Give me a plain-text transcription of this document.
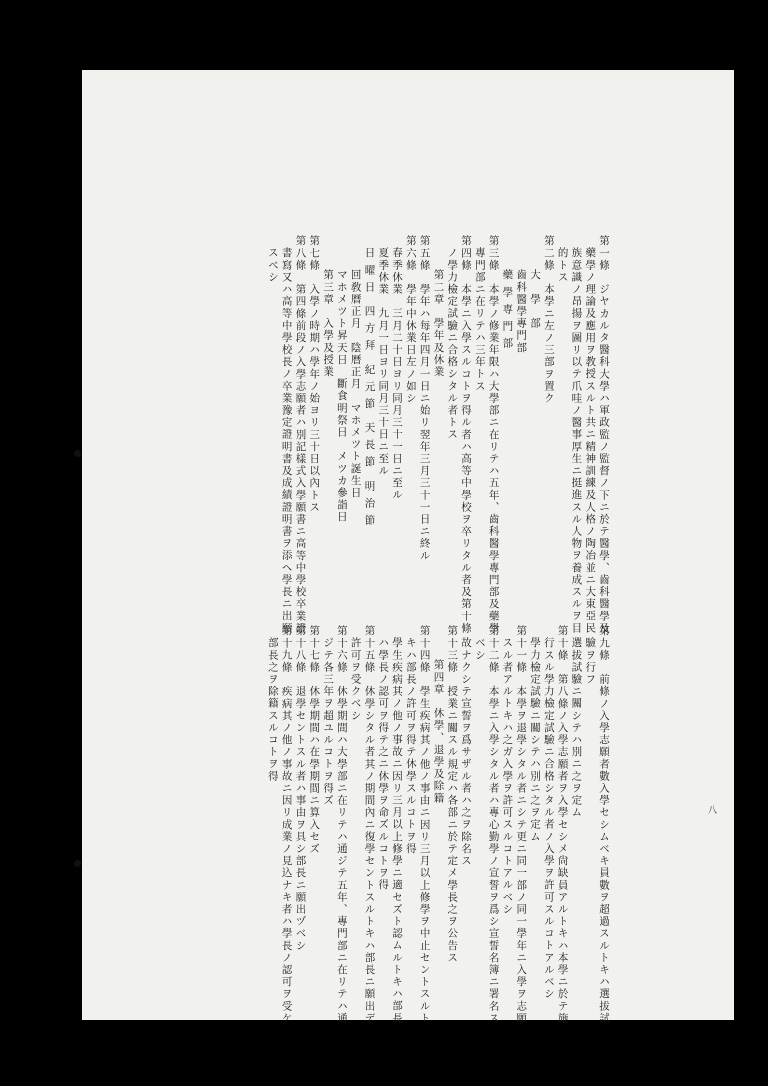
八
第一條　ジヤカルタ醫科大學ハ軍政監ノ監督ノ下ニ於テ醫學、齒科醫學及
藥學ノ理論及應用ヲ教授スルト共ニ精神訓練及人格ノ陶冶並ニ大東亞民
族意識ノ昂揚ヲ圖リ以テ爪哇ノ醫事厚生ニ挺進スル人物ヲ養成スルヲ目
的トス
第二條　本學ニ左ノ三部ヲ置ク
大　學　部
齒科醫學專門部
藥 學 専 門 部
第三條　本學ノ修業年限ハ大學部ニ在リテハ五年、齒科醫學專門部及藥學
專門部ニ在リテハ三年トス
第四條　本學ニ入學スルコトヲ得ル者ハ高等中學校ヲ卒リタル者及第十條
ノ學力檢定試驗ニ合格シタル者トス
第二章　學年及休業
第五條　學年ハ每年四月一日ニ始リ翌年三月三十一日ニ終ル
第六條　學年中休業日左ノ如シ
春季休業　三月二十日ヨリ同月三十一日ニ至ル
夏季休業　九月一日ヨリ同月三十日ニ至ル
日 曜 日　四 方 拜　紀 元 節　天 長 節　明 治 節
回敎曆正月　陰曆正月　マホメツト誕生日
マホメツト昇天日　斷食明祭日　メツカ參詣日
第三章　入學及授業
第七條　入學ノ時期ハ學年ノ始ヨリ三十日以內トス
第八條　第四條前段ノ入學志願者ハ別記樣式入學願書ニ高等中學校卒業證
書寫又ハ高等中學校長ノ卒業豫定證明書及成績證明書ヲ添へ學長ニ出願
スベシ
第九條　前條ノ入學志願者數入學セシムベキ員數ヲ超過スルトキハ選拔試
驗ヲ行フ
選拔試驗ニ關シテハ別ニ之ヲ定ム
第十條　第八條ノ入學志願者ヲ入學セシメ尙缺員アルトキハ本學ニ於テ施
行スル學力檢定試驗ニ合格シタル者ノ入學ヲ許可スルコトアルベシ
學力檢定試驗ニ關シテハ別ニ之ヲ定ム
第十一條　本學ヲ退學シタル者ニシテ更ニ同一部ノ同一學年ニ入學ヲ志願
スル者アルトキハ之ガ入學ヲ許可スルコトアルベシ
第十二條　本學ニ入學シタル者ハ專心勤學ノ宣誓ヲ爲シ宣誓名簿ニ署名ス
ベシ
故ナクシテ宣誓ヲ爲サザル者ハ之ヲ除名ス
第十三條　授業ニ關スル規定ハ各部ニ於テ定メ學長之ヲ公告ス
第四章　休學、退學及除籍
第十四條　學生疾病其ノ他ノ事由ニ因リ三月以上修學ヲ中止セントスルト
キハ部長ノ許可ヲ得テ休學スルコトヲ得
學生疾病其ノ他ノ事故ニ因リ三月以上修學ニ適セズト認ムルトキハ部長
ハ學長ノ認可ヲ得テ之ニ休學ヲ命ズルコトヲ得
第十五條　休學シタル者其ノ期間內ニ復學セントスルトキハ部長ニ願出デ
許可ヲ受クベシ
第十六條　休學期間ハ大學部ニ在リテハ通ジテ五年、專門部ニ在リテハ通
ジテ各三年ヲ超ユルコトヲ得ズ
第十七條　休學期間ハ在學期間ニ算入セズ
第十八條　退學セントスル者ハ事由ヲ具シ部長ニ願出ヅベシ
第十九條　疾病其ノ他ノ事故ニ因リ成業ノ見込ナキ者ハ學長ノ認可ヲ受ケ
部長之ヲ除籍スルコトヲ得
